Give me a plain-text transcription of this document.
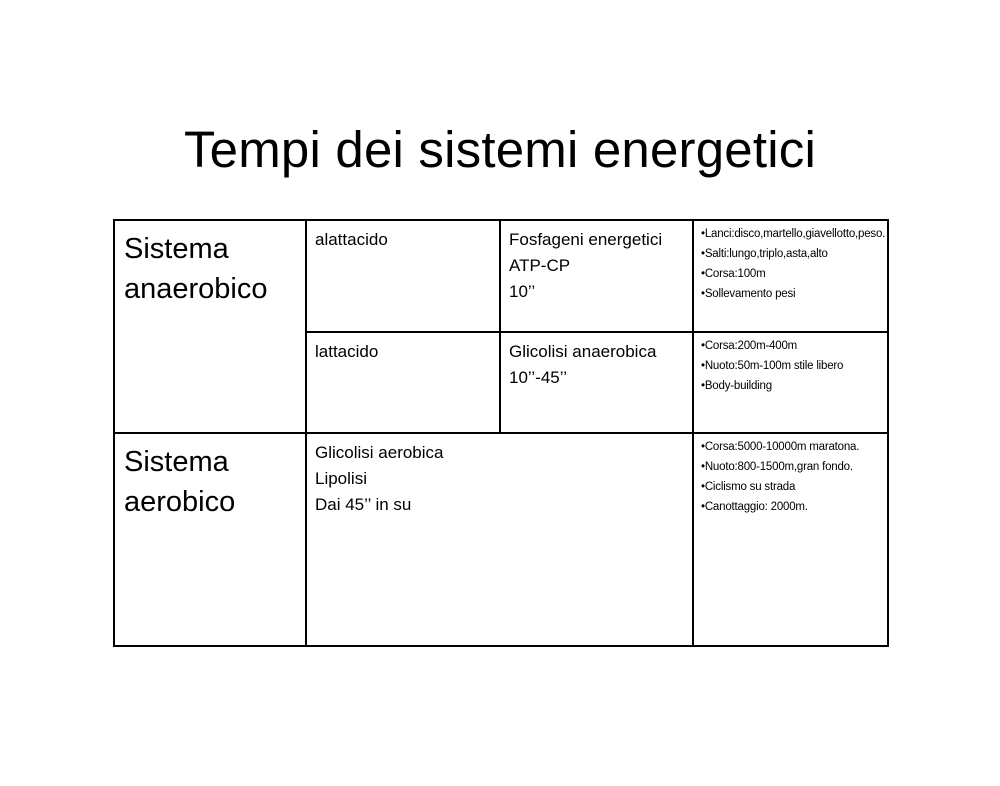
Tempi dei sistemi energetici
Sistema
anaerobico	alattacido	Fosfageni energetici
ATP-CP
10’’	•Lanci:disco,martello,giavellotto,peso.
•Salti:lungo,triplo,asta,alto
•Corsa:100m
•Sollevamento pesi

	lattacido	Glicolisi anaerobica
10’’-45’’	•Corsa:200m-400m
•Nuoto:50m-100m stile libero
•Body-building

Sistema
aerobico	Glicolisi aerobica
Lipolisi
Dai 45’’ in su		•Corsa:5000-10000m maratona.
•Nuoto:800-1500m,gran fondo.
•Ciclismo su strada
•Canottaggio: 2000m.
